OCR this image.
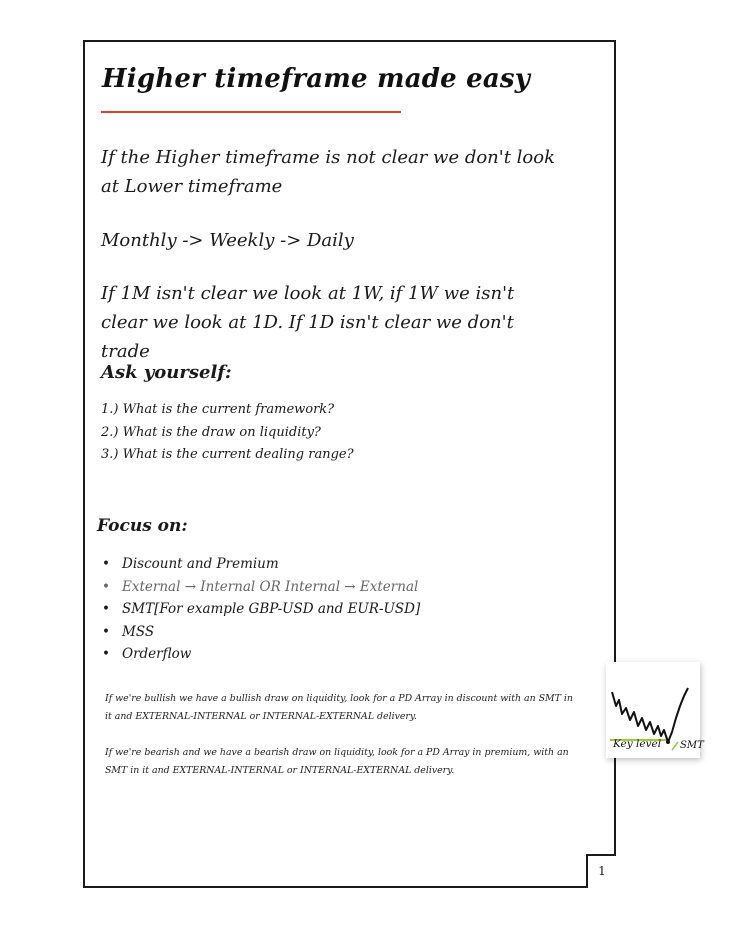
Higher timeframe made easy
If the Higher timeframe is not clear we don't look at Lower timeframe
Monthly -> Weekly -> Daily
If 1M isn't clear we look at 1W, if 1W we isn't clear we look at 1D. If 1D isn't clear we don't trade
Ask yourself:
1.) What is the current framework?
2.) What is the draw on liquidity?
3.) What is the current dealing range?
Focus on:
• Discount and Premium
• External → Internal OR Internal → External
• SMT[For example GBP-USD and EUR-USD]
• MSS
• Orderflow
If we're bullish we have a bullish draw on liquidity, look for a PD Array in discount with an SMT in it and EXTERNAL-INTERNAL or INTERNAL-EXTERNAL delivery.
If we're bearish and we have a bearish draw on liquidity, look for a PD Array in premium, with an SMT in it and EXTERNAL-INTERNAL or INTERNAL-EXTERNAL delivery.
1
Key level SMT
